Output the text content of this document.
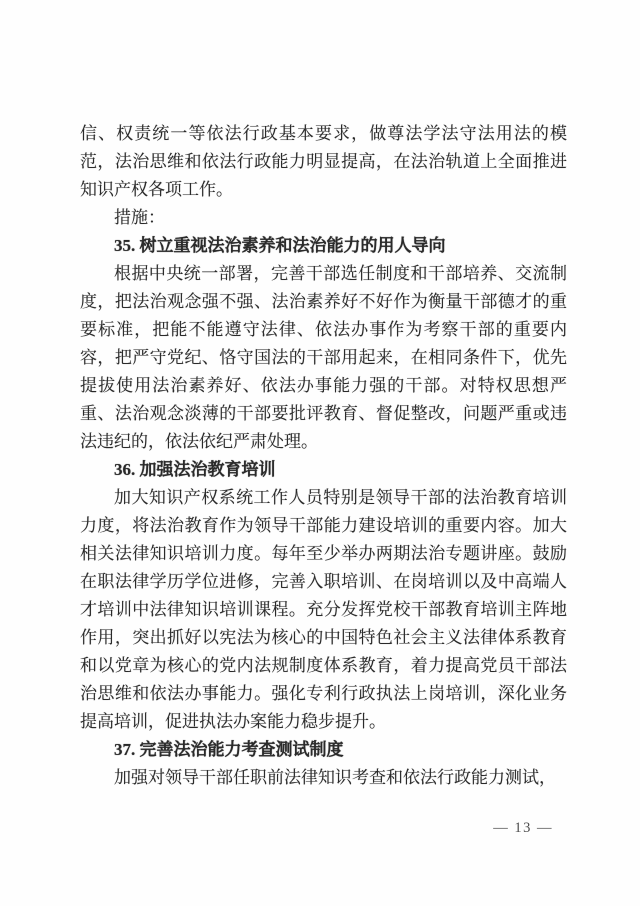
信、权责统一等依法行政基本要求，做尊法学法守法用法的模范，法治思维和依法行政能力明显提高，在法治轨道上全面推进知识产权各项工作。

措施：

35. 树立重视法治素养和法治能力的用人导向

根据中央统一部署，完善干部选任制度和干部培养、交流制度，把法治观念强不强、法治素养好不好作为衡量干部德才的重要标准，把能不能遵守法律、依法办事作为考察干部的重要内容，把严守党纪、恪守国法的干部用起来，在相同条件下，优先提拔使用法治素养好、依法办事能力强的干部。对特权思想严重、法治观念淡薄的干部要批评教育、督促整改，问题严重或违法违纪的，依法依纪严肃处理。

36. 加强法治教育培训

加大知识产权系统工作人员特别是领导干部的法治教育培训力度，将法治教育作为领导干部能力建设培训的重要内容。加大相关法律知识培训力度。每年至少举办两期法治专题讲座。鼓励在职法律学历学位进修，完善入职培训、在岗培训以及中高端人才培训中法律知识培训课程。充分发挥党校干部教育培训主阵地作用，突出抓好以宪法为核心的中国特色社会主义法律体系教育和以党章为核心的党内法规制度体系教育，着力提高党员干部法治思维和依法办事能力。强化专利行政执法上岗培训，深化业务提高培训，促进执法办案能力稳步提升。

37. 完善法治能力考查测试制度

加强对领导干部任职前法律知识考查和依法行政能力测试，

— 13 —
